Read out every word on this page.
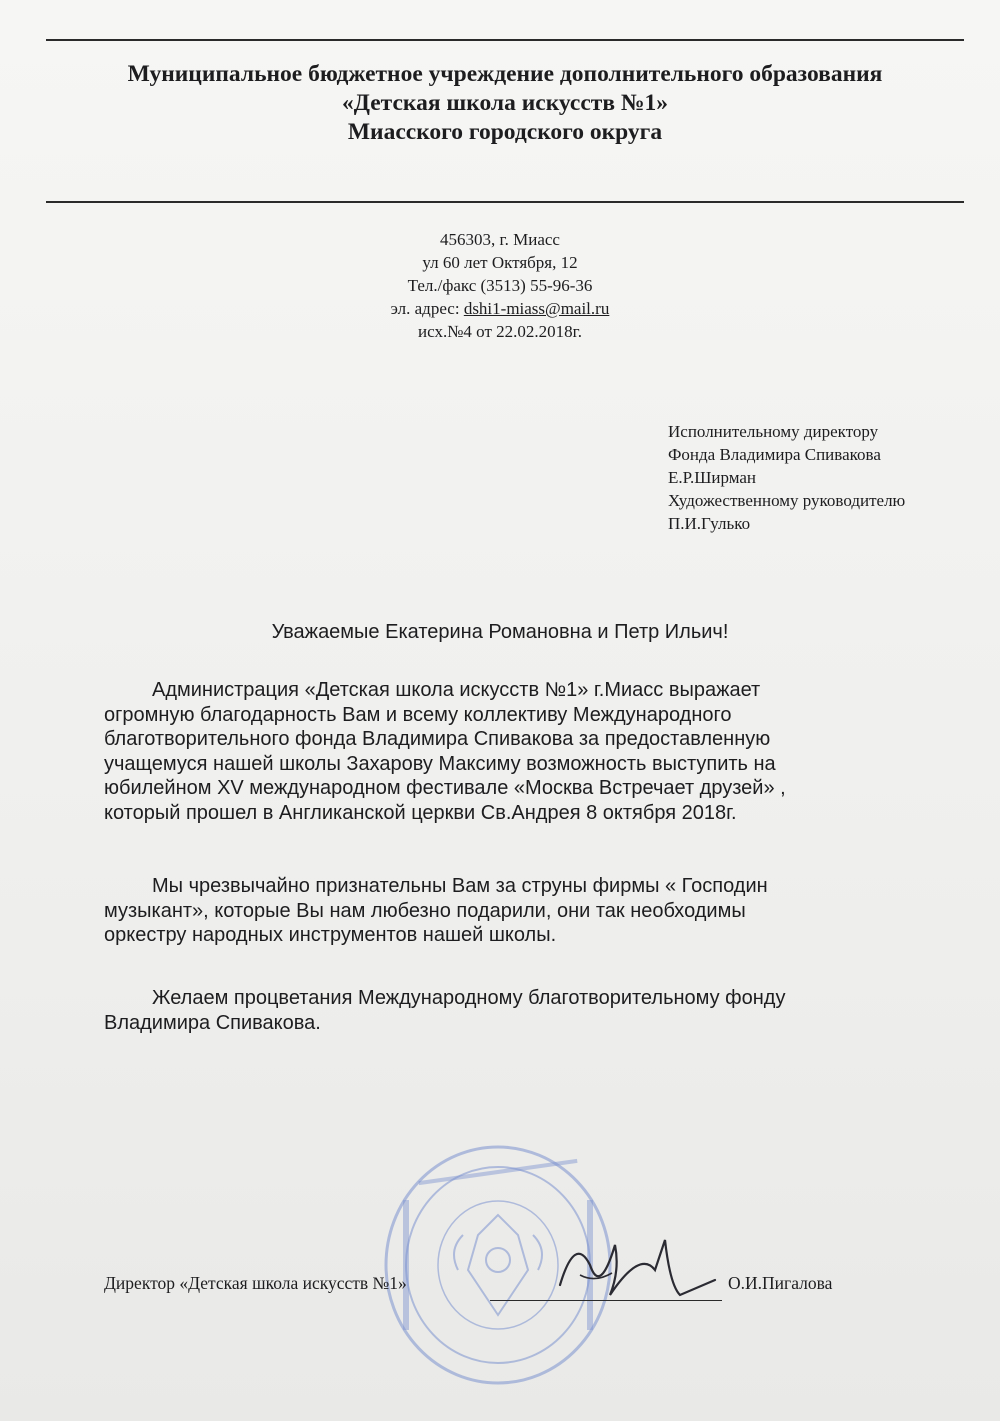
Муниципальное бюджетное учреждение дополнительного образования
«Детская школа искусств №1»
Миасского городского округа
456303, г. Миасс
ул 60 лет Октября, 12
Тел./факс (3513) 55-96-36
эл. адрес: dshi1-miass@mail.ru
исх.№4 от 22.02.2018г.
Исполнительному директору
Фонда Владимира Спивакова
Е.Р.Ширман
Художественному руководителю
П.И.Гулько
Уважаемые Екатерина Романовна и Петр Ильич!
Администрация «Детская школа искусств №1» г.Миасс выражает
огромную благодарность Вам и всему коллективу Международного
благотворительного фонда Владимира Спивакова за предоставленную
учащемуся нашей школы Захарову Максиму возможность выступить на
юбилейном XV международном фестивале «Москва Встречает друзей» ,
который прошел в Англиканской церкви Св.Андрея 8 октября 2018г.
Мы чрезвычайно признательны Вам за струны фирмы « Господин
музыкант», которые Вы нам любезно подарили, они так необходимы
оркестру народных инструментов нашей школы.
Желаем процветания Международному благотворительному фонду
Владимира Спивакова.
Директор «Детская школа искусств №1»	О.И.Пигалова
